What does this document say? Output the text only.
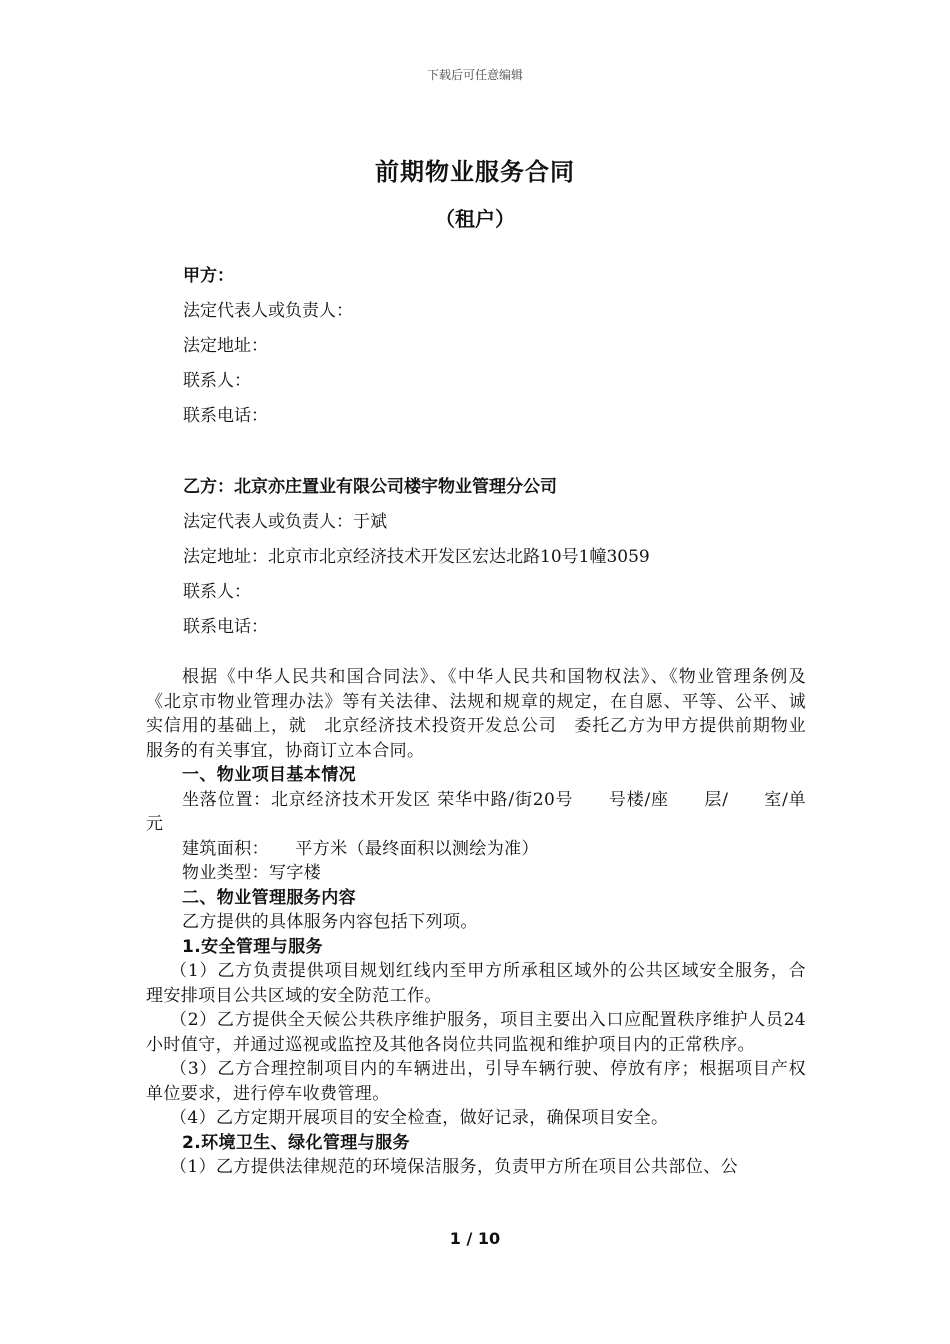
下载后可任意编辑
前期物业服务合同
（租户）
甲方：
法定代表人或负责人：
法定地址：
联系人：
联系电话：
乙方：北京亦庄置业有限公司楼宇物业管理分公司
法定代表人或负责人：于斌
法定地址：北京市北京经济技术开发区宏达北路10号1幢3059
联系人：
联系电话：

根据《中华人民共和国合同法》、《中华人民共和国物权法》、《物业管理条例及《北京市物业管理办法》等有关法律、法规和规章的规定，在自愿、平等、公平、诚实信用的基础上，就　北京经济技术投资开发总公司　委托乙方为甲方提供前期物业服务的有关事宜，协商订立本合同。

一、物业项目基本情况

坐落位置：北京经济技术开发区 荣华中路/街20号　　号楼/座　　层/　　室/单元

建筑面积：　　平方米（最终面积以测绘为准）

物业类型：写字楼

二、物业管理服务内容

乙方提供的具体服务内容包括下列项。

1.安全管理与服务

（1）乙方负责提供项目规划红线内至甲方所承租区域外的公共区域安全服务，合理安排项目公共区域的安全防范工作。

（2）乙方提供全天候公共秩序维护服务，项目主要出入口应配置秩序维护人员24小时值守，并通过巡视或监控及其他各岗位共同监视和维护项目内的正常秩序。

（3）乙方合理控制项目内的车辆进出，引导车辆行驶、停放有序；根据项目产权单位要求，进行停车收费管理。

（4）乙方定期开展项目的安全检查，做好记录，确保项目安全。

2.环境卫生、绿化管理与服务

（1）乙方提供法律规范的环境保洁服务，负责甲方所在项目公共部位、公

1 / 10
